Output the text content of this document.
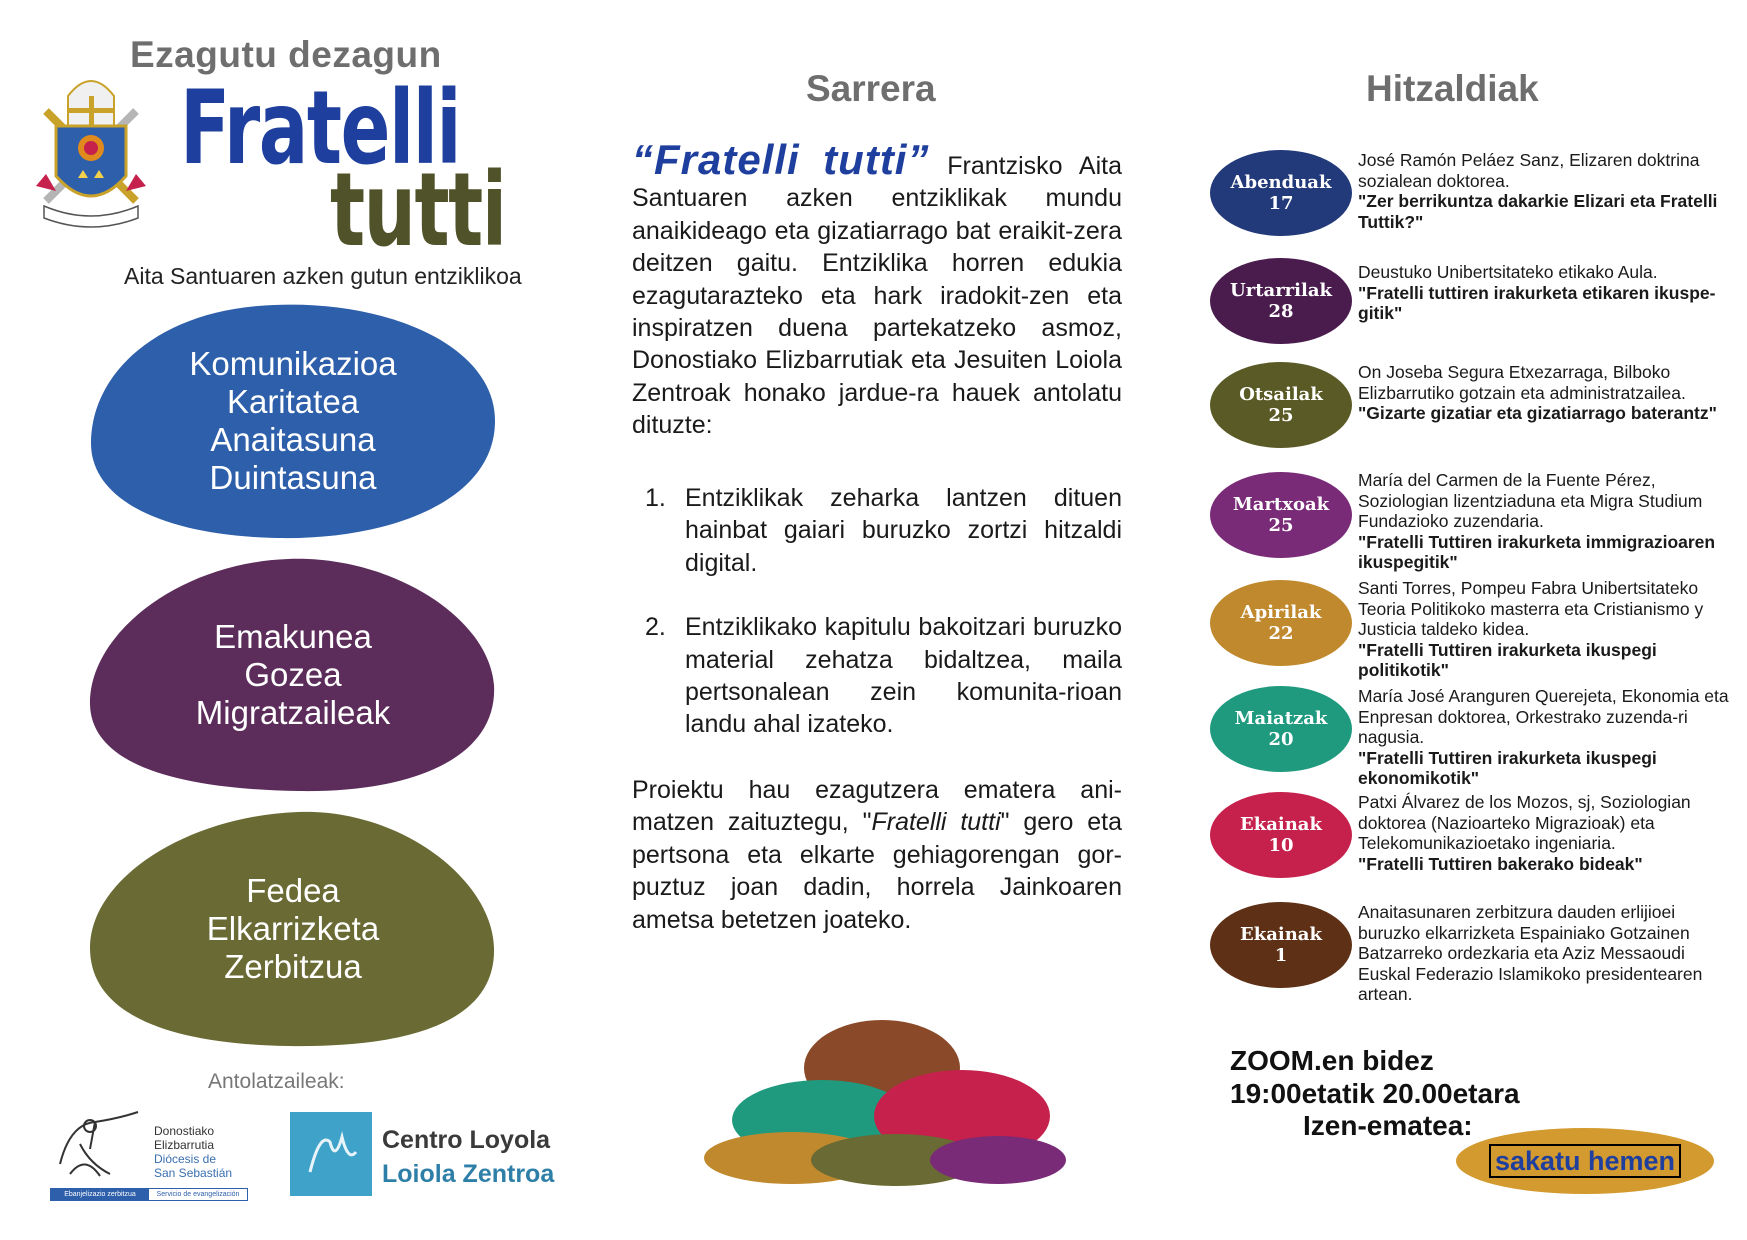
Ezagutu dezagun
Fratelli
tutti
Aita Santuaren azken gutun entziklikoa
Komunikazioa
Karitatea
Anaitasuna
Duintasuna
Emakunea
Gozea
Migratzaileak
Fedea
Elkarrizketa
Zerbitzua
Antolatzaileak:
Donostiako
Elizbarrutia
Diócesis de
San Sebastián
Ebanjelizazio zerbitzua	Servicio de evangelización
Centro Loyola
Loiola Zentroa
Sarrera
“Fratelli tutti” Frantzisko Aita Santuaren azken entziklikak mundu anaikideago eta gizatiarrago bat eraikit-zera deitzen gaitu. Entziklika horren edukia ezagutarazteko eta hark iradokit-zen eta inspiratzen duena partekatzeko asmoz, Donostiako Elizbarrutiak eta Jesuiten Loiola Zentroak honako jardue-ra hauek antolatu dituzte:
1. Entziklikak zeharka lantzen dituen hainbat gaiari buruzko zortzi hitzaldi digital.
2. Entziklikako kapitulu bakoitzari buruzko material zehatza bidaltzea, maila pertsonalean zein komunita-rioan landu ahal izateko.
Proiektu hau ezagutzera ematera ani-matzen zaituztegu, "Fratelli tutti" gero eta pertsona eta elkarte gehiagorengan gor-puztuz joan dadin, horrela Jainkoaren ametsa betetzen joateko.
Hitzaldiak
Abenduak
17
José Ramón Peláez Sanz, Elizaren doktrina sozialean doktorea.
"Zer berrikuntza dakarkie Elizari eta Fratelli Tuttik?"
Urtarrilak
28
Deustuko Unibertsitateko etikako Aula.
"Fratelli tuttiren irakurketa etikaren ikuspe-gitik"
Otsailak
25
On Joseba Segura Etxezarraga, Bilboko Elizbarrutiko gotzain eta administratzailea.
"Gizarte gizatiar eta gizatiarrago baterantz"
Martxoak
25
María del Carmen de la Fuente Pérez, Soziologian lizentziaduna eta Migra Studium Fundazioko zuzendaria.
"Fratelli Tuttiren irakurketa immigrazioaren ikuspegitik"
Apirilak
22
Santi Torres, Pompeu Fabra Unibertsitateko Teoria Politikoko masterra eta Cristianismo y Justicia taldeko kidea.
"Fratelli Tuttiren irakurketa ikuspegi politikotik"
Maiatzak
20
María José Aranguren Querejeta, Ekonomia eta Enpresan doktorea, Orkestrako zuzenda-ri nagusia.
"Fratelli Tuttiren irakurketa ikuspegi ekonomikotik"
Ekainak
10
Patxi Álvarez de los Mozos, sj, Soziologian doktorea (Nazioarteko Migrazioak) eta Telekomunikazioetako ingeniaria.
"Fratelli Tuttiren bakerako bideak"
Ekainak
1
Anaitasunaren zerbitzura dauden erlijioei buruzko elkarrizketa Espainiako Gotzainen Batzarreko ordezkaria eta Aziz Messaoudi Euskal Federazio Islamikoko presidentearen artean.
ZOOM.en bidez
19:00etatik 20.00etara
Izen-ematea:
sakatu hemen
